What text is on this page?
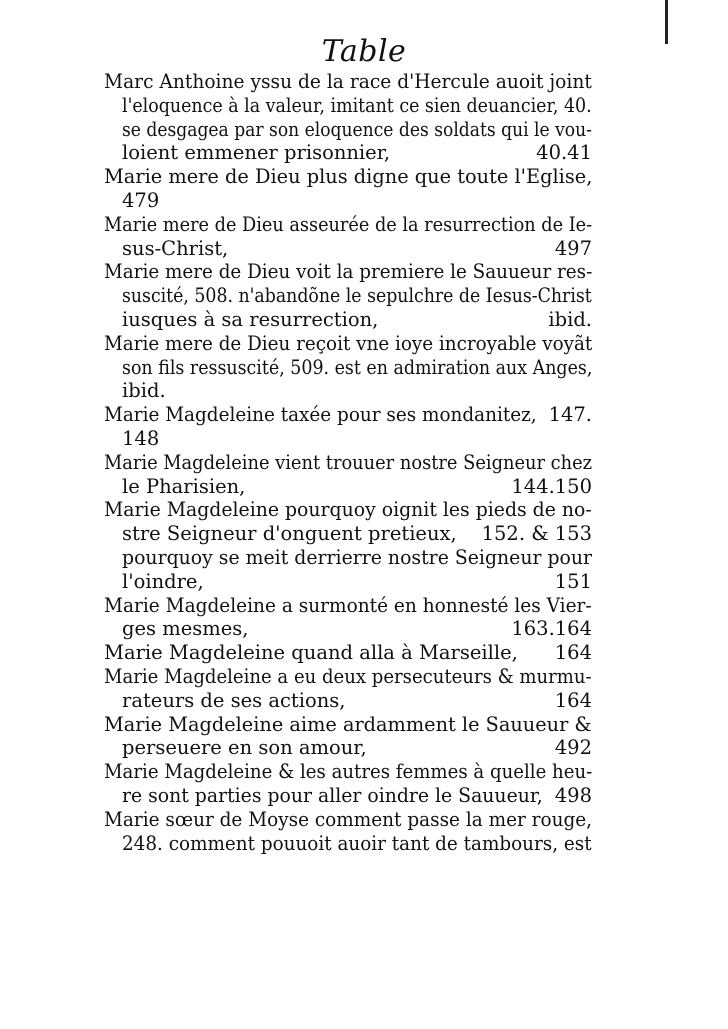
Table
Marc Anthoine yssu de la race d'Hercule auoit joint
l'eloquence à la valeur, imitant ce sien deuancier, 40.
se desgagea par son eloquence des soldats qui le vou-
loient emmener prisonnier,	40.41
Marie mere de Dieu plus digne que toute l'Eglise,
479
Marie mere de Dieu asseurée de la resurrection de Ie-
sus-Christ,	497
Marie mere de Dieu voit la premiere le Sauueur res-
suscité, 508. n'abandõne le sepulchre de Iesus-Christ
iusques à sa resurrection,	ibid.
Marie mere de Dieu reçoit vne ioye incroyable voyãt
son fils ressuscité, 509. est en admiration aux Anges,
ibid.
Marie Magdeleine taxée pour ses mondanitez, 147.
148
Marie Magdeleine vient trouuer nostre Seigneur chez
le Pharisien,	144.150
Marie Magdeleine pourquoy oignit les pieds de no-
stre Seigneur d'onguent pretieux, 152. & 153
pourquoy se meit derrierre nostre Seigneur pour
l'oindre,	151
Marie Magdeleine a surmonté en honnesté les Vier-
ges mesmes,	163.164
Marie Magdeleine quand alla à Marseille, 164
Marie Magdeleine a eu deux persecuteurs & murmu-
rateurs de ses actions,	164
Marie Magdeleine aime ardamment le Sauueur &
perseuere en son amour,	492
Marie Magdeleine & les autres femmes à quelle heu-
re sont parties pour aller oindre le Sauueur, 498
Marie sœur de Moyse comment passe la mer rouge,
248. comment pouuoit auoir tant de tambours, est
